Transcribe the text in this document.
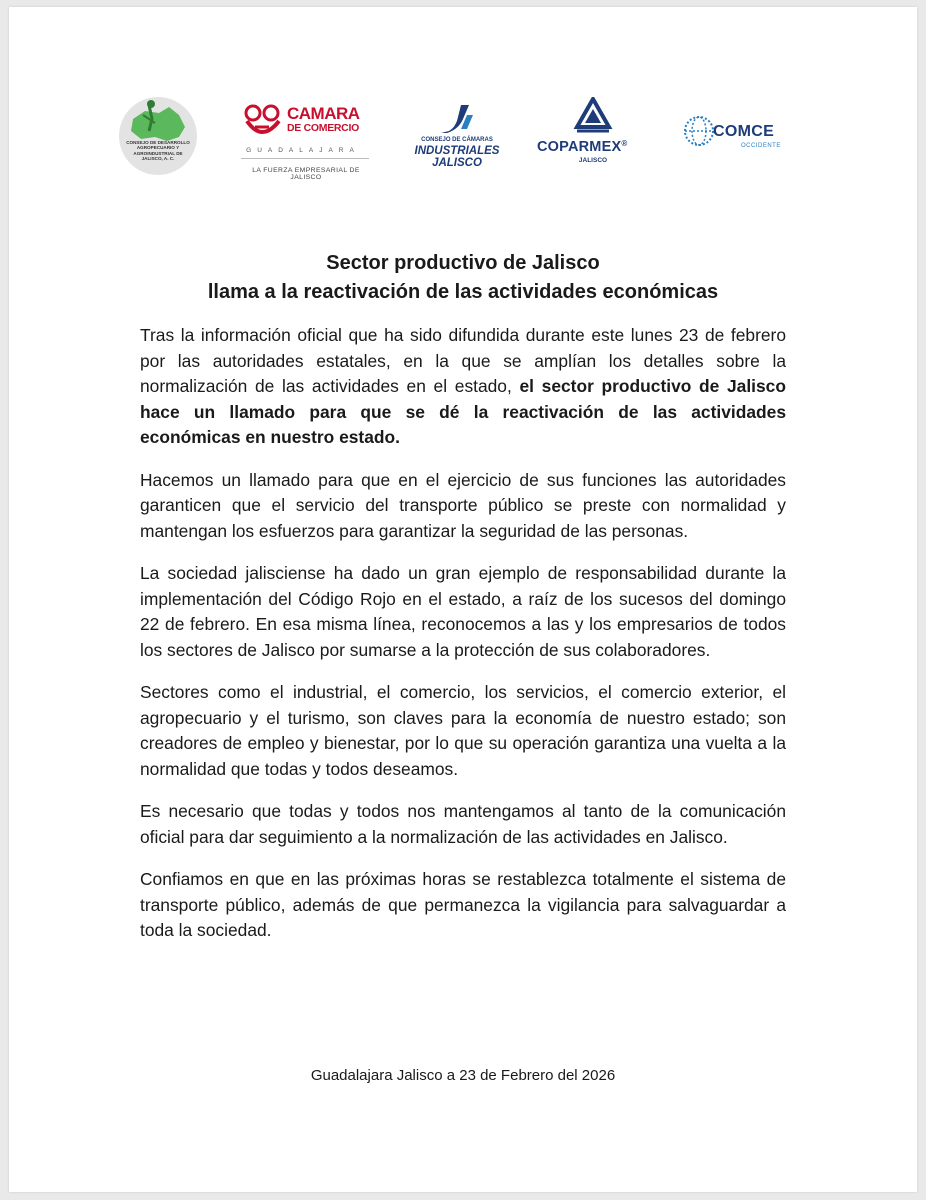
CONSEJO DE DESARROLLO AGROPECUARIO Y AGROINDUSTRIAL DE JALISCO, A. C.
CAMARA
DE COMERCIO
GUADALAJARA
LA FUERZA EMPRESARIAL DE JALISCO
CONSEJO DE CÁMARAS
INDUSTRIALES
JALISCO
COPARMEX®
JALISCO
COMCE
OCCIDENTE
Sector productivo de Jalisco
llama a la reactivación de las actividades económicas

Tras la información oficial que ha sido difundida durante este lunes 23 de febrero por las autoridades estatales, en la que se amplían los detalles sobre la normalización de las actividades en el estado, el sector productivo de Jalisco hace un llamado para que se dé la reactivación de las actividades económicas en nuestro estado.

Hacemos un llamado para que en el ejercicio de sus funciones las autoridades garanticen que el servicio del transporte público se preste con normalidad y mantengan los esfuerzos para garantizar la seguridad de las personas.

La sociedad jalisciense ha dado un gran ejemplo de responsabilidad durante la implementación del Código Rojo en el estado, a raíz de los sucesos del domingo 22 de febrero. En esa misma línea, reconocemos a las y los empresarios de todos los sectores de Jalisco por sumarse a la protección de sus colaboradores.

Sectores como el industrial, el comercio, los servicios, el comercio exterior, el agropecuario y el turismo, son claves para la economía de nuestro estado; son creadores de empleo y bienestar, por lo que su operación garantiza una vuelta a la normalidad que todas y todos deseamos.

Es necesario que todas y todos nos mantengamos al tanto de la comunicación oficial para dar seguimiento a la normalización de las actividades en Jalisco.

Confiamos en que en las próximas horas se restablezca totalmente el sistema de transporte público, además de que permanezca la vigilancia para salvaguardar a toda la sociedad.

Guadalajara Jalisco a 23 de Febrero del 2026
